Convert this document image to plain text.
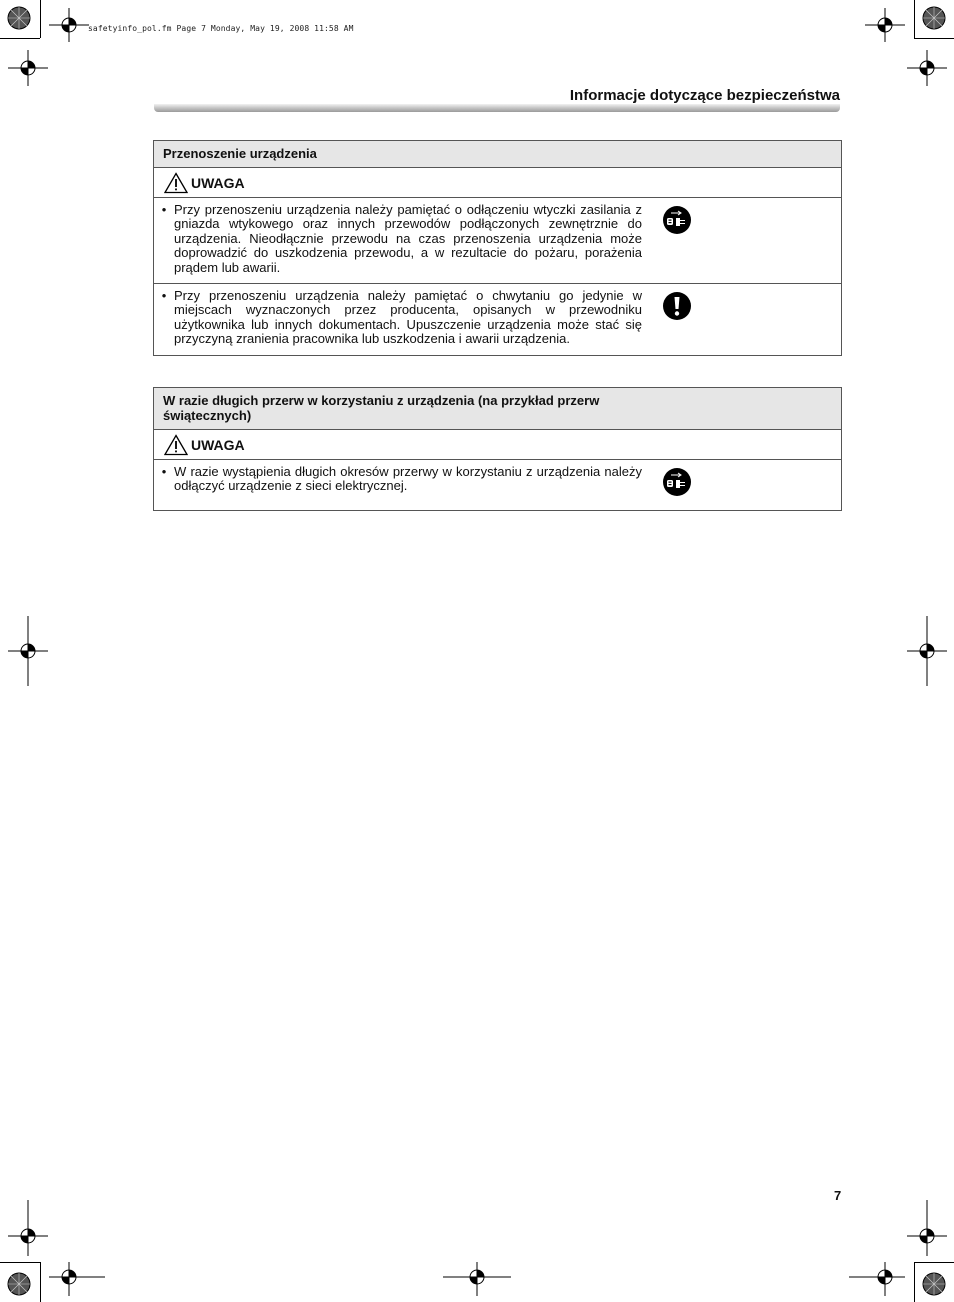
safetyinfo_pol.fm Page 7 Monday, May 19, 2008 11:58 AM
Informacje dotyczące bezpieczeństwa
Przenoszenie urządzenia
UWAGA
• Przy przenoszeniu urządzenia należy pamiętać o odłączeniu wtyczki zasilania z gniazda wtykowego oraz innych przewodów podłączonych zewnętrznie do urządzenia. Nieodłącznie przewodu na czas przenoszenia urządzenia może doprowadzić do uszkodzenia przewodu, a w rezultacie do pożaru, porażenia prądem lub awarii.
• Przy przenoszeniu urządzenia należy pamiętać o chwytaniu go jedynie w miejscach wyznaczonych przez producenta, opisanych w przewodniku użytkownika lub innych dokumentach. Upuszczenie urządzenia może stać się przyczyną zranienia pracownika lub uszkodzenia i awarii urządzenia.
W razie długich przerw w korzystaniu z urządzenia (na przykład przerw świątecznych)
UWAGA
• W razie wystąpienia długich okresów przerwy w korzystaniu z urządzenia należy odłączyć urządzenie z sieci elektrycznej.
7
